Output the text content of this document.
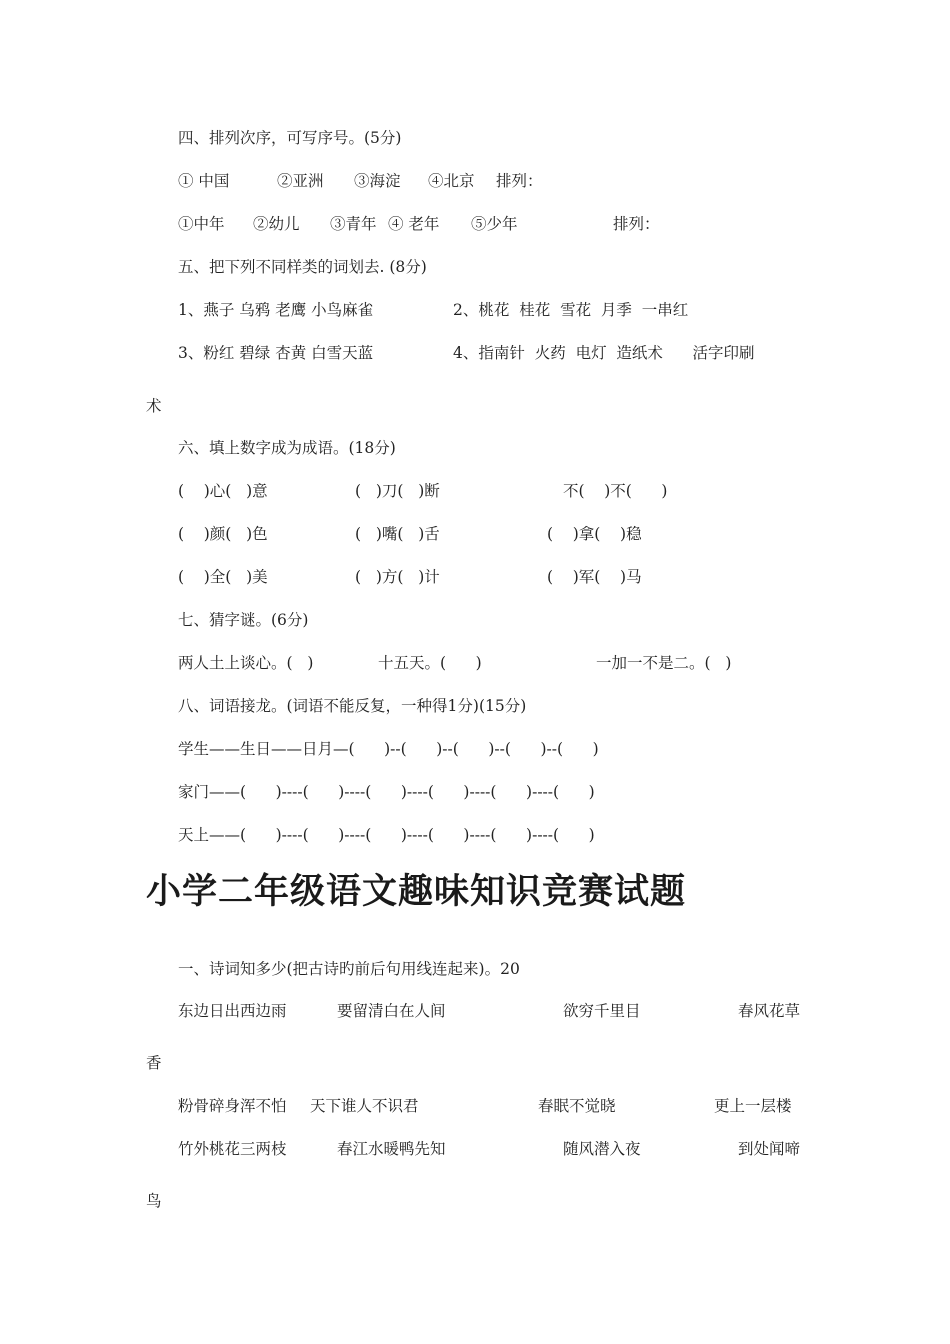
四、排列次序，可写序号。(5分)
① 中国	②亚洲 ③海淀 ④北京 排列：
①中年 ②幼儿 ③青年 ④ 老年 ⑤少年	排列：
五、把下列不同样类的词划去. (8分)
1、燕子 乌鸦 老鹰 小鸟麻雀	2、桃花  桂花  雪花  月季  一串红
3、粉红 碧绿 杏黄 白雪天蓝	4、指南针  火药  电灯  造纸术      活字印刷
术
六、填上数字成为成语。(18分)
(    )心(   )意	(   )刀(   )断	不(    )不(      )
(    )颜(   )色	(   )嘴(   )舌	(    )拿(    )稳
(    )全(   )美	(   )方(   )计	(    )军(    )马
七、猜字谜。(6分)
两人土上谈心。(   )	十五天。(      )	一加一不是二。(   )
八、词语接龙。(词语不能反复，一种得1分)(15分)
学生——生日——日月—(      )--(      )--(      )--(      )--(      )
家门——(      )----(      )----(      )----(      )----(      )----(      )
天上——(      )----(      )----(      )----(      )----(      )----(      )
小学二年级语文趣味知识竞赛试题
一、诗词知多少(把古诗旳前后句用线连起来)。20
东边日出西边雨	要留清白在人间	欲穷千里目	春风花草
香
粉骨碎身浑不怕 天下谁人不识君	春眠不觉晓	更上一层楼
竹外桃花三两枝	春江水暖鸭先知	随风潜入夜	到处闻啼
鸟
